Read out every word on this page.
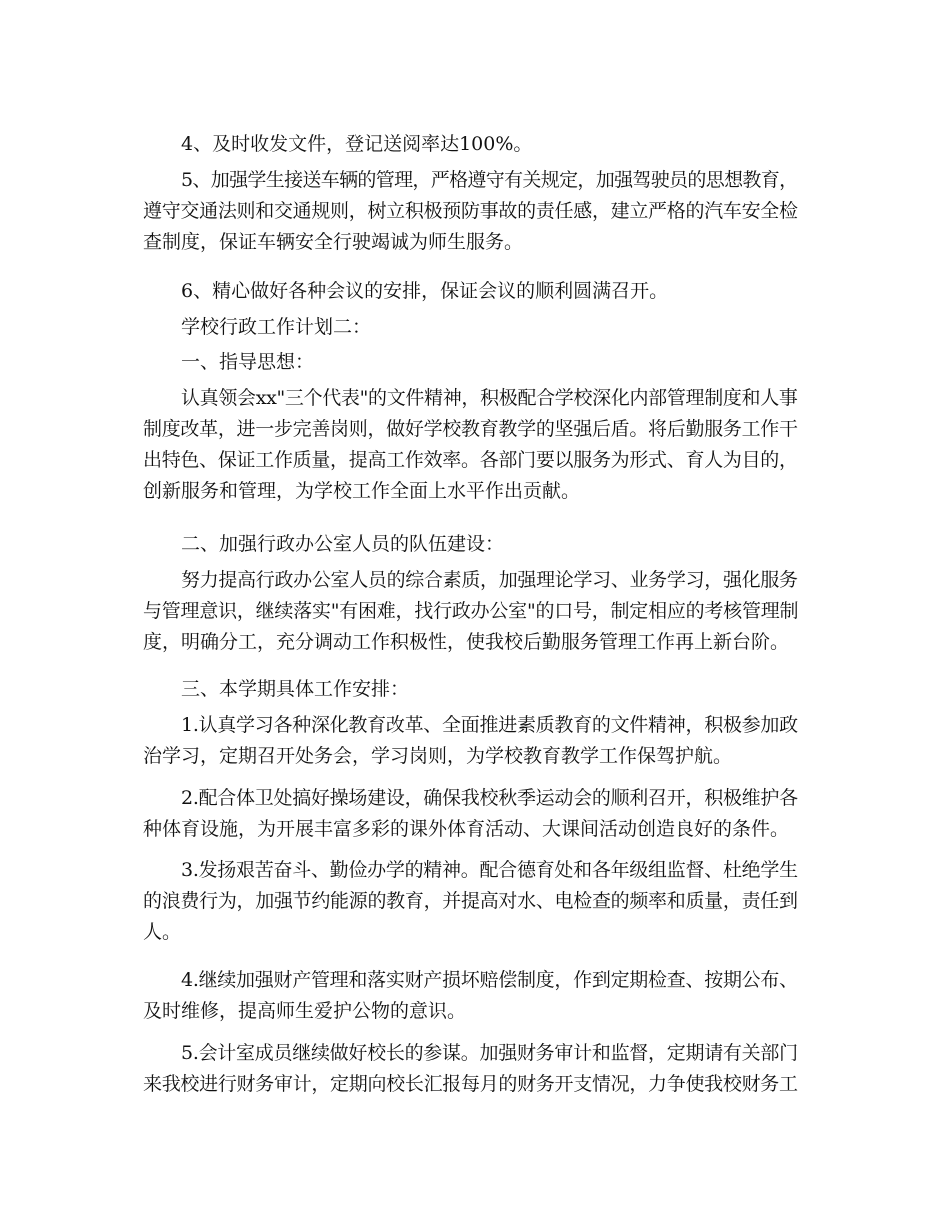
4、及时收发文件，登记送阅率达100%。
5、加强学生接送车辆的管理，严格遵守有关规定，加强驾驶员的思想教育，
遵守交通法则和交通规则，树立积极预防事故的责任感，建立严格的汽车安全检
查制度，保证车辆安全行驶竭诚为师生服务。
6、精心做好各种会议的安排，保证会议的顺利圆满召开。
学校行政工作计划二：
一、指导思想：
认真领会xx"三个代表"的文件精神，积极配合学校深化内部管理制度和人事
制度改革，进一步完善岗则，做好学校教育教学的坚强后盾。将后勤服务工作干
出特色、保证工作质量，提高工作效率。各部门要以服务为形式、育人为目的，
创新服务和管理，为学校工作全面上水平作出贡献。
二、加强行政办公室人员的队伍建设：
努力提高行政办公室人员的综合素质，加强理论学习、业务学习，强化服务
与管理意识，继续落实"有困难，找行政办公室"的口号，制定相应的考核管理制
度，明确分工，充分调动工作积极性，使我校后勤服务管理工作再上新台阶。
三、本学期具体工作安排：
1.认真学习各种深化教育改革、全面推进素质教育的文件精神，积极参加政
治学习，定期召开处务会，学习岗则，为学校教育教学工作保驾护航。
2.配合体卫处搞好操场建设，确保我校秋季运动会的顺利召开，积极维护各
种体育设施，为开展丰富多彩的课外体育活动、大课间活动创造良好的条件。
3.发扬艰苦奋斗、勤俭办学的精神。配合德育处和各年级组监督、杜绝学生
的浪费行为，加强节约能源的教育，并提高对水、电检查的频率和质量，责任到
人。
4.继续加强财产管理和落实财产损坏赔偿制度，作到定期检查、按期公布、
及时维修，提高师生爱护公物的意识。
5.会计室成员继续做好校长的参谋。加强财务审计和监督，定期请有关部门
来我校进行财务审计，定期向校长汇报每月的财务开支情况，力争使我校财务工
